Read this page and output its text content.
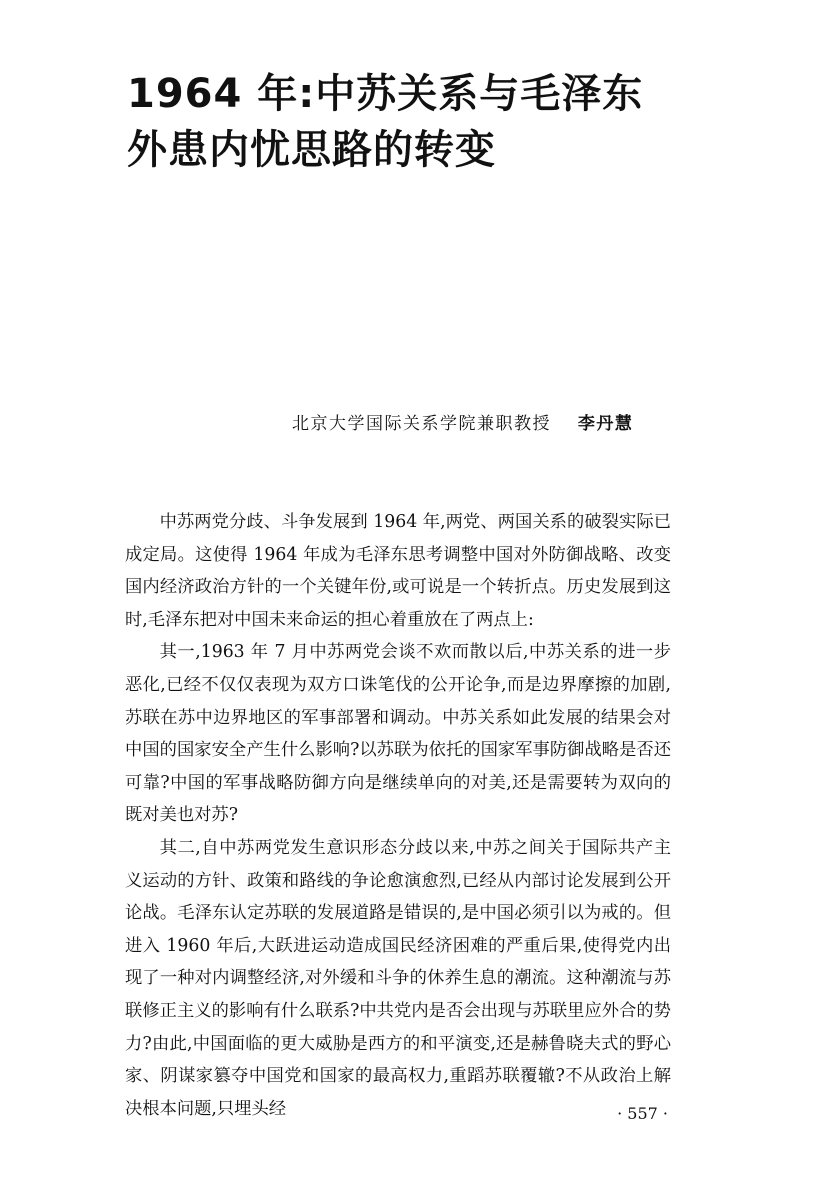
1964 年:中苏关系与毛泽东
外患内忧思路的转变
北京大学国际关系学院兼职教授 李丹慧

中苏两党分歧、斗争发展到 1964 年,两党、两国关系的破裂实际已成定局。这使得 1964 年成为毛泽东思考调整中国对外防御战略、改变国内经济政治方针的一个关键年份,或可说是一个转折点。历史发展到这时,毛泽东把对中国未来命运的担心着重放在了两点上:

其一,1963 年 7 月中苏两党会谈不欢而散以后,中苏关系的进一步恶化,已经不仅仅表现为双方口诛笔伐的公开论争,而是边界摩擦的加剧,苏联在苏中边界地区的军事部署和调动。中苏关系如此发展的结果会对中国的国家安全产生什么影响?以苏联为依托的国家军事防御战略是否还可靠?中国的军事战略防御方向是继续单向的对美,还是需要转为双向的既对美也对苏?

其二,自中苏两党发生意识形态分歧以来,中苏之间关于国际共产主义运动的方针、政策和路线的争论愈演愈烈,已经从内部讨论发展到公开论战。毛泽东认定苏联的发展道路是错误的,是中国必须引以为戒的。但进入 1960 年后,大跃进运动造成国民经济困难的严重后果,使得党内出现了一种对内调整经济,对外缓和斗争的休养生息的潮流。这种潮流与苏联修正主义的影响有什么联系?中共党内是否会出现与苏联里应外合的势力?由此,中国面临的更大威胁是西方的和平演变,还是赫鲁晓夫式的野心家、阴谋家篡夺中国党和国家的最高权力,重蹈苏联覆辙?不从政治上解决根本问题,只埋头经	· 557 ·
